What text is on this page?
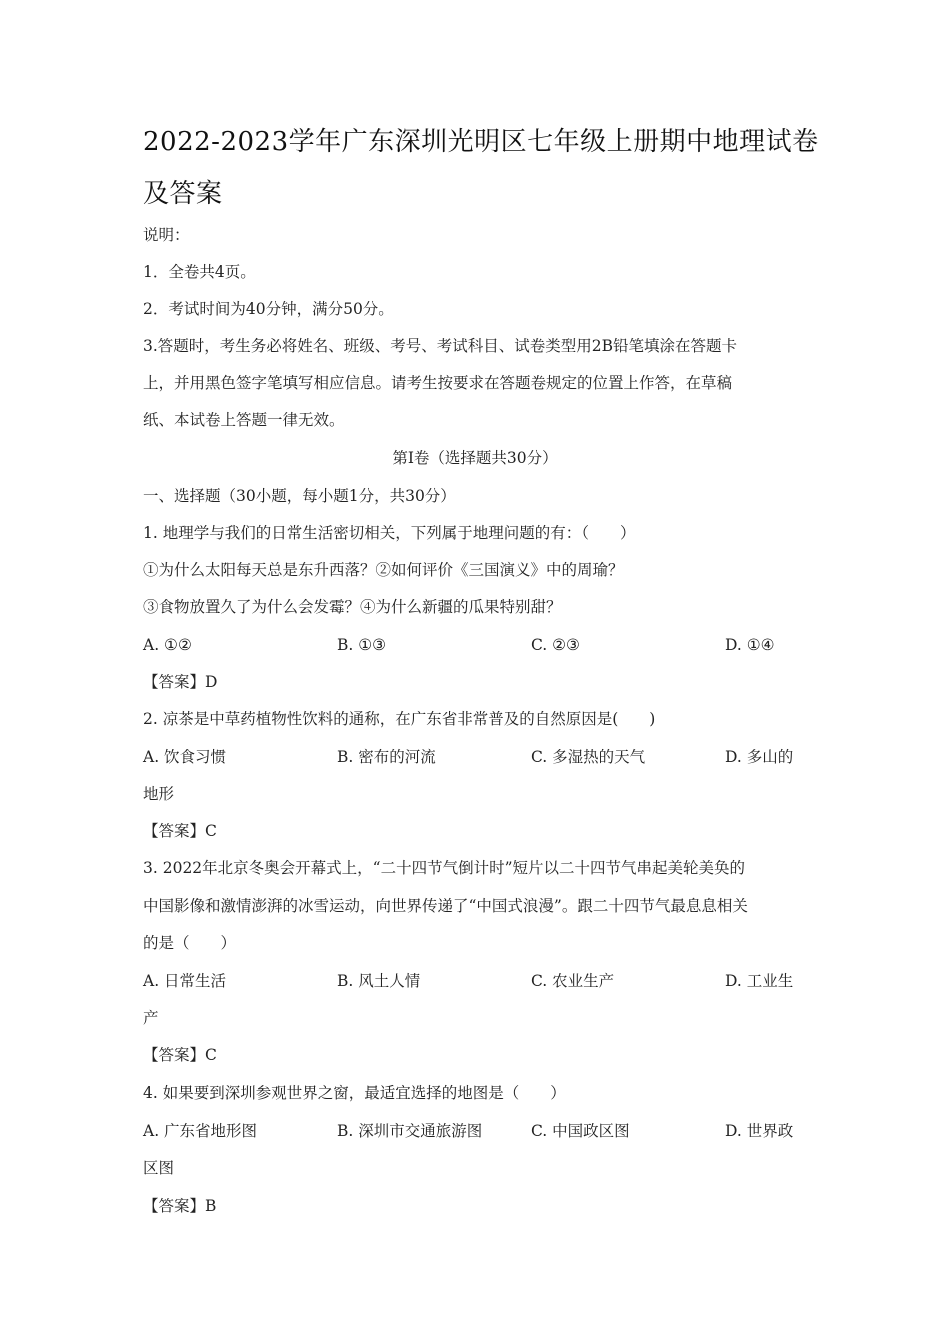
2022-2023学年广东深圳光明区七年级上册期中地理试卷及答案
说明：
1．全卷共4页。
2．考试时间为40分钟，满分50分。
3.答题时，考生务必将姓名、班级、考号、考试科目、试卷类型用2B铅笔填涂在答题卡
上，并用黑色签字笔填写相应信息。请考生按要求在答题卷规定的位置上作答，在草稿
纸、本试卷上答题一律无效。
第Ⅰ卷（选择题共30分）
一、选择题（30小题，每小题1分，共30分）
1. 地理学与我们的日常生活密切相关，下列属于地理问题的有：（　　）
①为什么太阳每天总是东升西落？②如何评价《三国演义》中的周瑜？
③食物放置久了为什么会发霉？④为什么新疆的瓜果特别甜？
A. ①②	B. ①③	C. ②③	D. ①④
【答案】D
2. 凉茶是中草药植物性饮料的通称，在广东省非常普及的自然原因是(　　)
A. 饮食习惯	B. 密布的河流	C. 多湿热的天气	D. 多山的
地形
【答案】C
3. 2022年北京冬奥会开幕式上，“二十四节气倒计时”短片以二十四节气串起美轮美奂的
中国影像和激情澎湃的冰雪运动，向世界传递了“中国式浪漫”。跟二十四节气最息息相关
的是（　　）
A. 日常生活	B. 风土人情	C. 农业生产	D. 工业生
产
【答案】C
4. 如果要到深圳参观世界之窗，最适宜选择的地图是（　　）
A. 广东省地形图	B. 深圳市交通旅游图	C. 中国政区图	D. 世界政
区图
【答案】B
